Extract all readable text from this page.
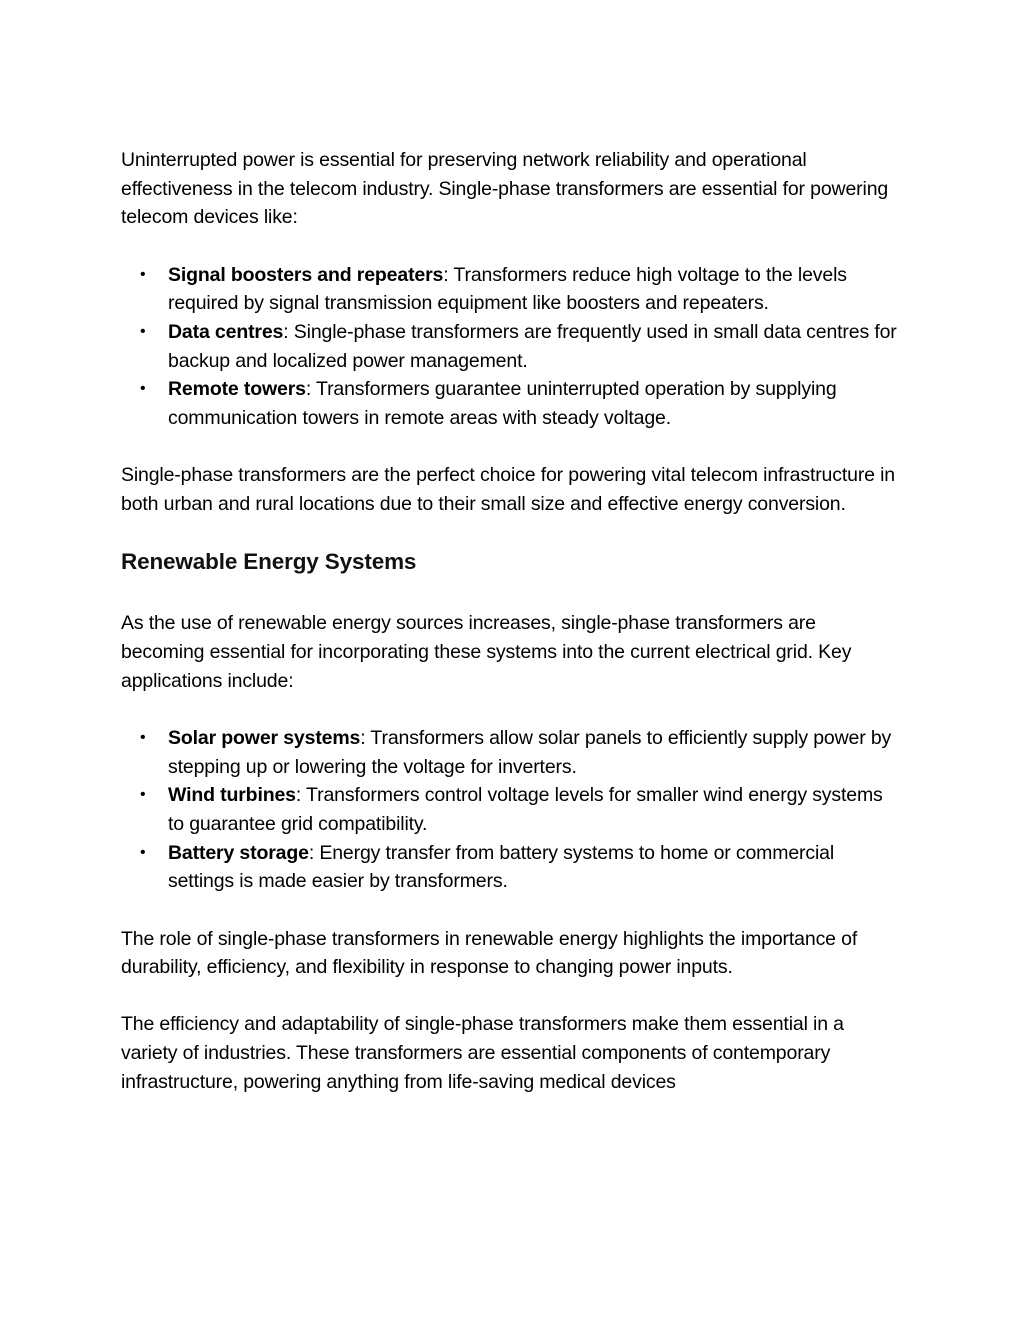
Uninterrupted power is essential for preserving network reliability and operational effectiveness in the telecom industry. Single-phase transformers are essential for powering telecom devices like:

• Signal boosters and repeaters: Transformers reduce high voltage to the levels required by signal transmission equipment like boosters and repeaters.
• Data centres: Single-phase transformers are frequently used in small data centres for backup and localized power management.
• Remote towers: Transformers guarantee uninterrupted operation by supplying communication towers in remote areas with steady voltage.

Single-phase transformers are the perfect choice for powering vital telecom infrastructure in both urban and rural locations due to their small size and effective energy conversion.

Renewable Energy Systems

As the use of renewable energy sources increases, single-phase transformers are becoming essential for incorporating these systems into the current electrical grid. Key applications include:

• Solar power systems: Transformers allow solar panels to efficiently supply power by stepping up or lowering the voltage for inverters.
• Wind turbines: Transformers control voltage levels for smaller wind energy systems to guarantee grid compatibility.
• Battery storage: Energy transfer from battery systems to home or commercial settings is made easier by transformers.

The role of single-phase transformers in renewable energy highlights the importance of durability, efficiency, and flexibility in response to changing power inputs.

The efficiency and adaptability of single-phase transformers make them essential in a variety of industries. These transformers are essential components of contemporary infrastructure, powering anything from life-saving medical devices
